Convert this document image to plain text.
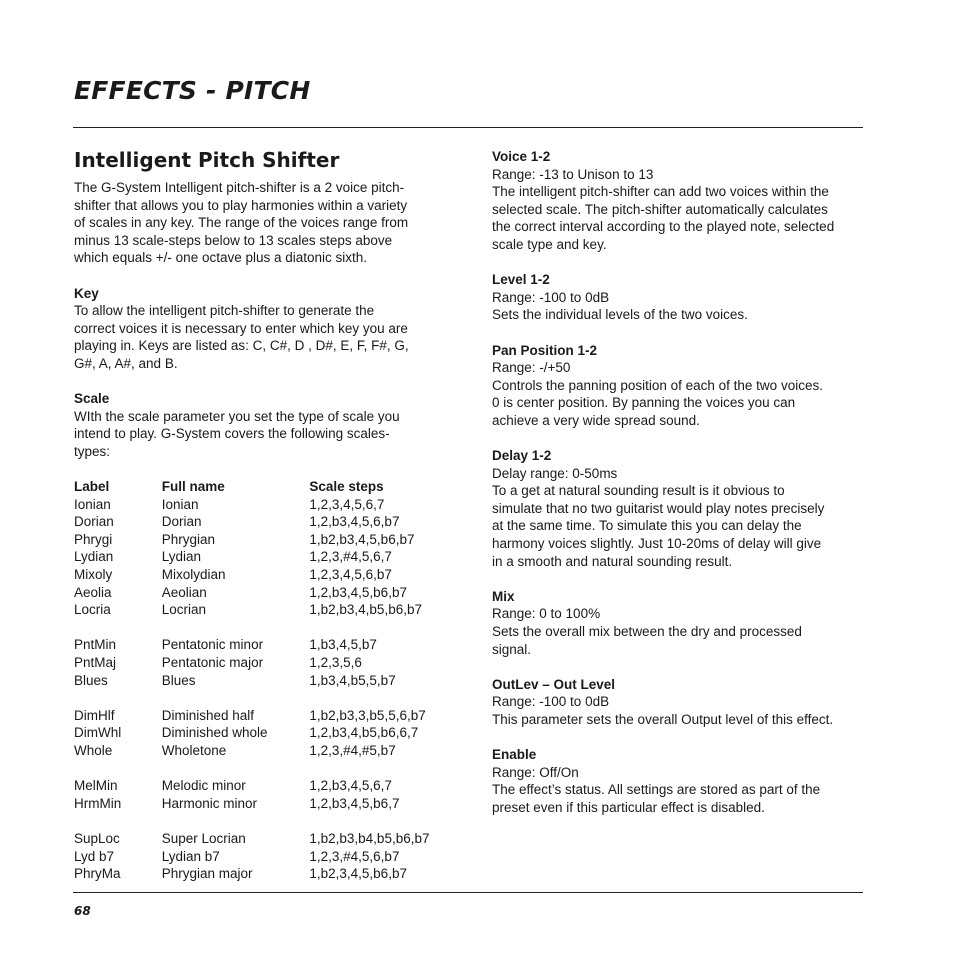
EFFECTS - PITCH
Intelligent Pitch Shifter

The G-System Intelligent pitch-shifter is a 2 voice pitch-

shifter that allows you to play harmonies within a variety

of scales in any key. The range of the voices range from

minus 13 scale-steps below to 13 scales steps above

which equals +/- one octave plus a diatonic sixth.

Key

To allow the intelligent pitch-shifter to generate the

correct voices it is necessary to enter which key you are

playing in. Keys are listed as: C, C#, D , D#, E, F, F#, G,

G#, A, A#, and B.

Scale

WIth the scale parameter you set the type of scale you

intend to play. G-System covers the following scales-

types:

Label	Full name	Scale steps
Ionian	Ionian	1,2,3,4,5,6,7
Dorian	Dorian	1,2,b3,4,5,6,b7
Phrygi	Phrygian	1,b2,b3,4,5,b6,b7
Lydian	Lydian	1,2,3,#4,5,6,7
Mixoly	Mixolydian	1,2,3,4,5,6,b7
Aeolia	Aeolian	1,2,b3,4,5,b6,b7
Locria	Locrian	1,b2,b3,4,b5,b6,b7

PntMin	Pentatonic minor	1,b3,4,5,b7
PntMaj	Pentatonic major	1,2,3,5,6
Blues	Blues	1,b3,4,b5,5,b7

DimHlf	Diminished half	1,b2,b3,3,b5,5,6,b7
DimWhl	Diminished whole	1,2,b3,4,b5,b6,6,7
Whole	Wholetone	1,2,3,#4,#5,b7

MelMin	Melodic minor	1,2,b3,4,5,6,7
HrmMin	Harmonic minor	1,2,b3,4,5,b6,7

SupLoc	Super Locrian	1,b2,b3,b4,b5,b6,b7
Lyd b7	Lydian b7	1,2,3,#4,5,6,b7
PhryMa	Phrygian major	1,b2,3,4,5,b6,b7
Voice 1-2

Range: -13 to Unison to 13

The intelligent pitch-shifter can add two voices within the

selected scale. The pitch-shifter automatically calculates

the correct interval according to the played note, selected

scale type and key.

Level 1-2

Range: -100 to 0dB

Sets the individual levels of the two voices.

Pan Position 1-2

Range: -/+50

Controls the panning position of each of the two voices.

0 is center position. By panning the voices you can

achieve a very wide spread sound.

Delay 1-2

Delay range: 0-50ms

To a get at natural sounding result is it obvious to

simulate that no two guitarist would play notes precisely

at the same time. To simulate this you can delay the

harmony voices slightly. Just 10-20ms of delay will give

in a smooth and natural sounding result.

Mix

Range: 0 to 100%

Sets the overall mix between the dry and processed

signal.

OutLev – Out Level

Range: -100 to 0dB

This parameter sets the overall Output level of this effect.

Enable

Range: Off/On

The effect’s status. All settings are stored as part of the

preset even if this particular effect is disabled.

68
